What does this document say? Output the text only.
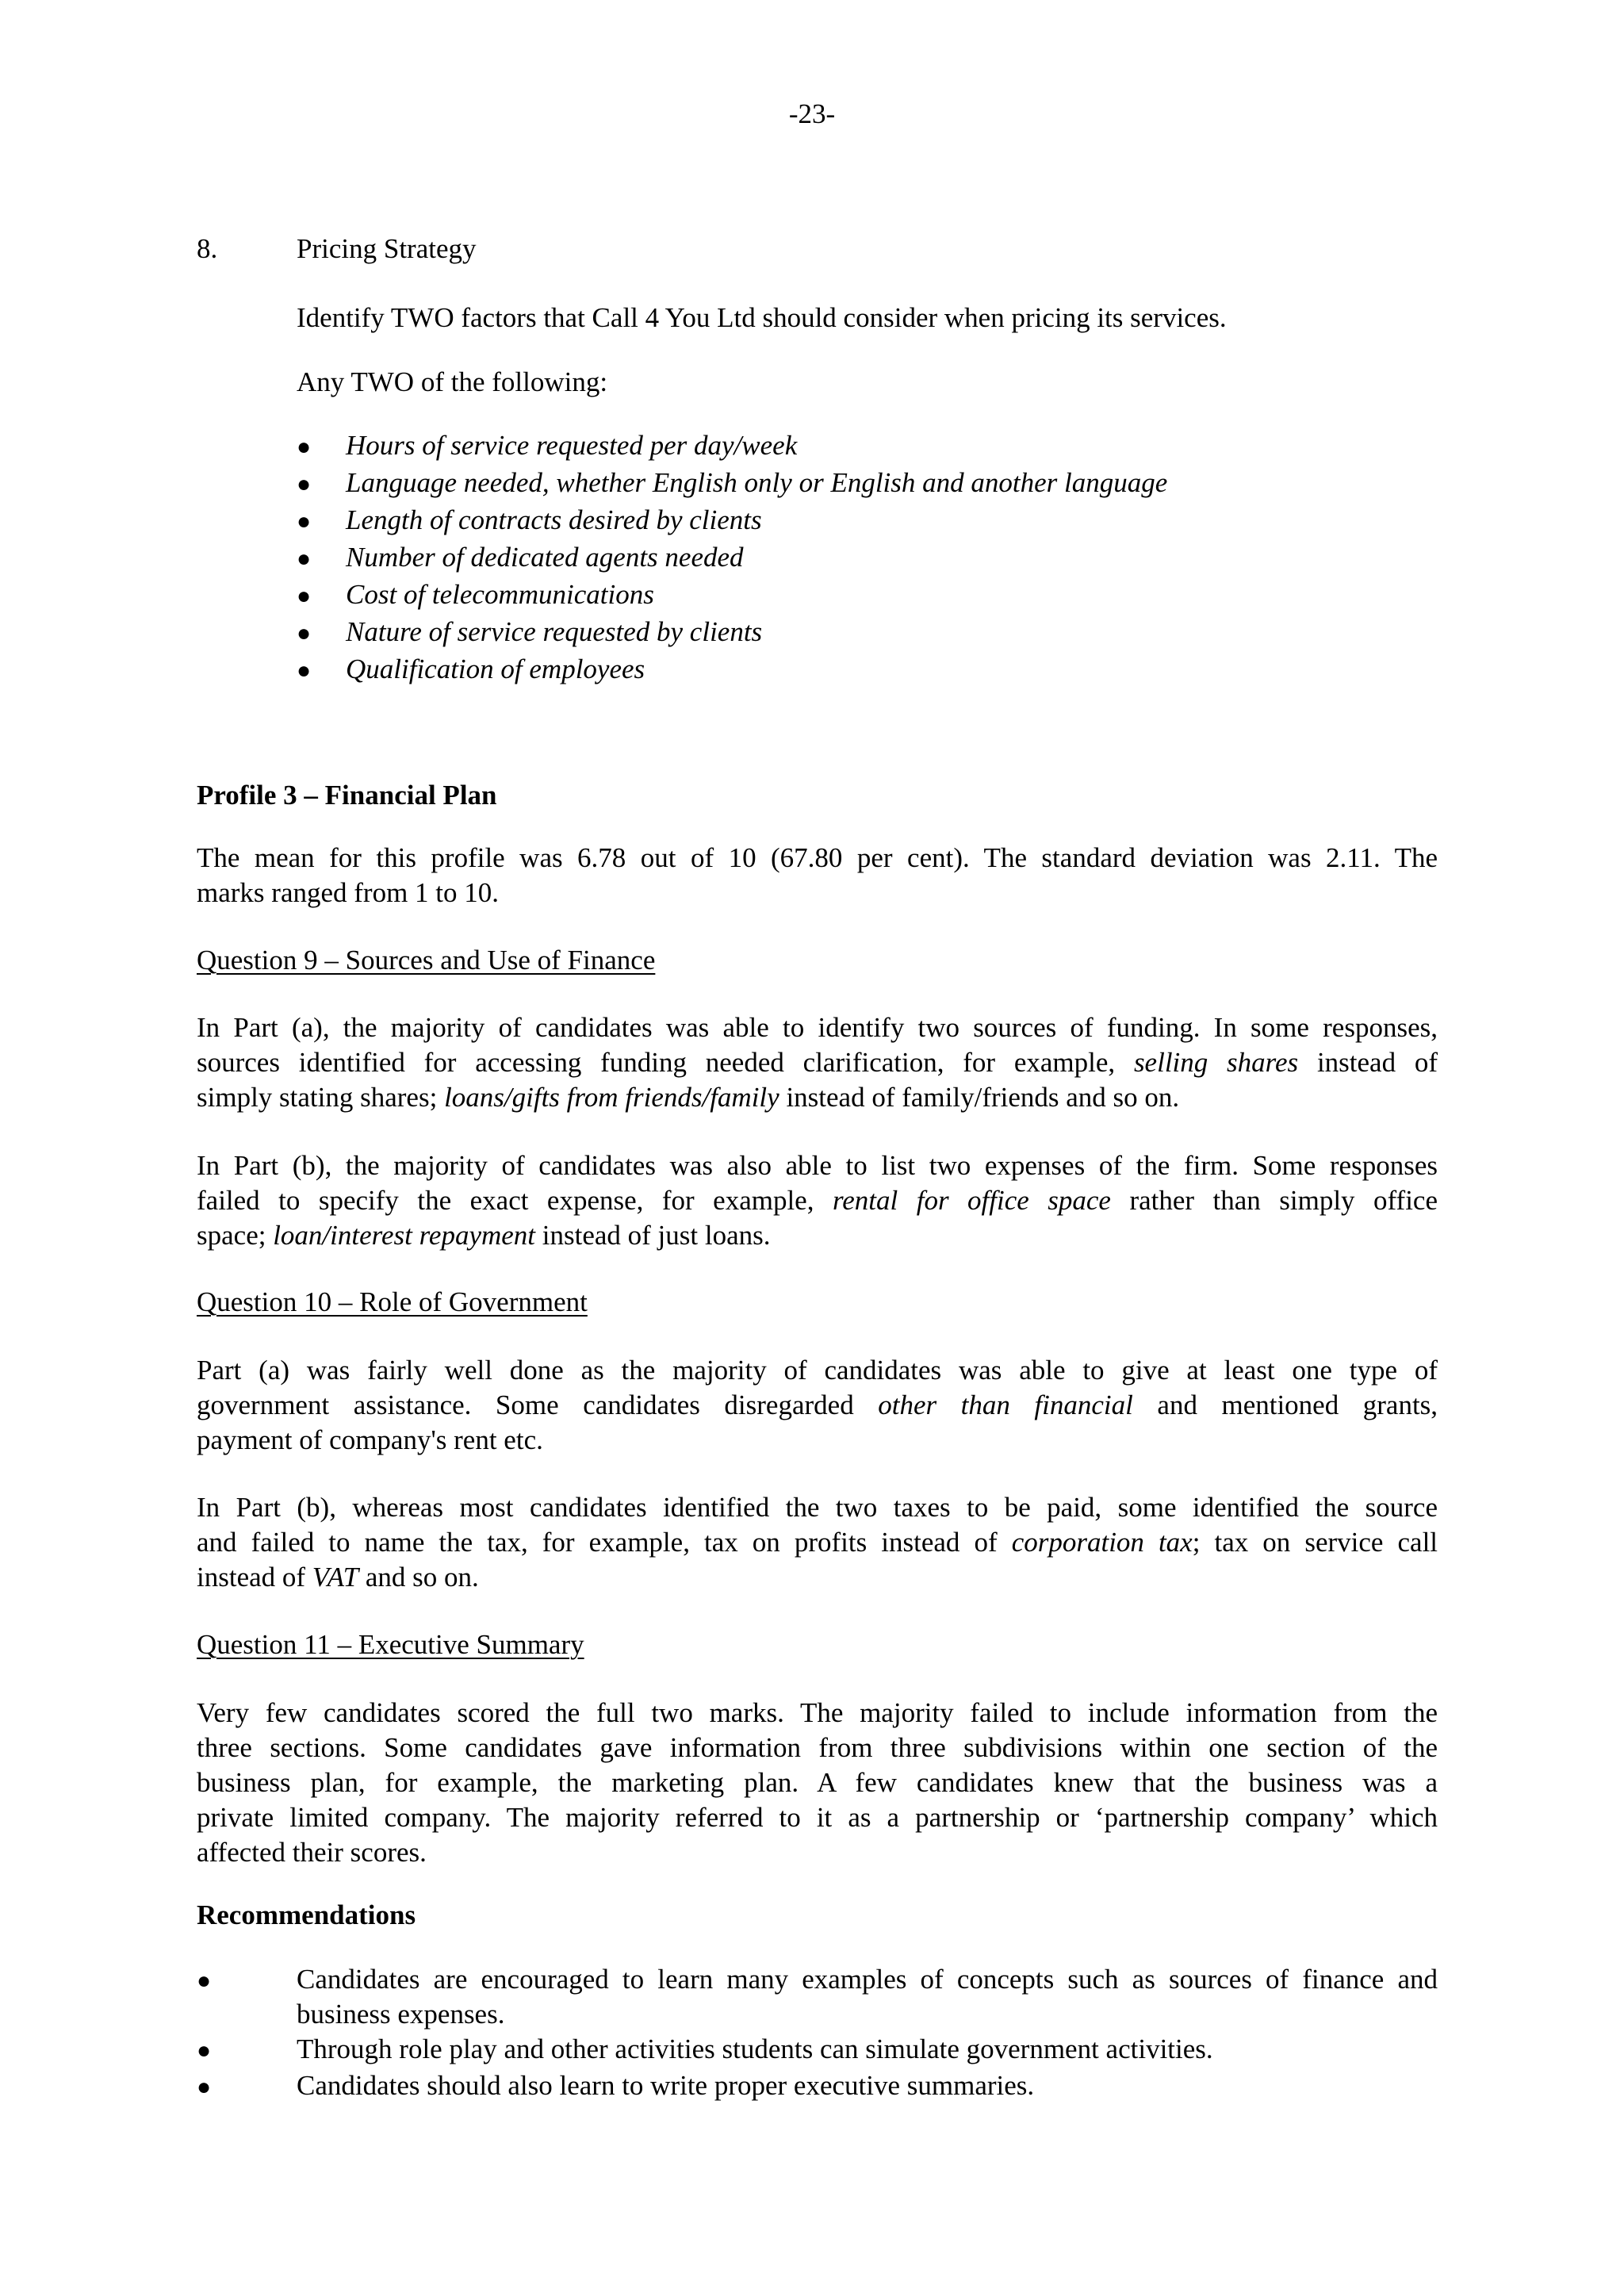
-23-
8.	Pricing Strategy
Identify TWO factors that Call 4 You Ltd should consider when pricing its services.
Any TWO of the following:
● Hours of service requested per day/week
● Language needed, whether English only or English and another language
● Length of contracts desired by clients
● Number of dedicated agents needed
● Cost of telecommunications
● Nature of service requested by clients
● Qualification of employees
Profile 3 – Financial Plan
The mean for this profile was 6.78 out of 10 (67.80 per cent). The standard deviation was 2.11. The
marks ranged from 1 to 10.
Question 9 – Sources and Use of Finance
In Part (a), the majority of candidates was able to identify two sources of funding. In some responses,
sources identified for accessing funding needed clarification, for example, selling shares instead of
simply stating shares; loans/gifts from friends/family instead of family/friends and so on.
In Part (b), the majority of candidates was also able to list two expenses of the firm. Some responses
failed to specify the exact expense, for example, rental for office space rather than simply office
space; loan/interest repayment instead of just loans.
Question 10 – Role of Government
Part (a) was fairly well done as the majority of candidates was able to give at least one type of
government assistance. Some candidates disregarded other than financial and mentioned grants,
payment of company's rent etc.
In Part (b), whereas most candidates identified the two taxes to be paid, some identified the source
and failed to name the tax, for example, tax on profits instead of corporation tax; tax on service call
instead of VAT and so on.
Question 11 – Executive Summary
Very few candidates scored the full two marks. The majority failed to include information from the
three sections. Some candidates gave information from three subdivisions within one section of the
business plan, for example, the marketing plan. A few candidates knew that the business was a
private limited company. The majority referred to it as a partnership or ‘partnership company’ which
affected their scores.
Recommendations
●	Candidates are encouraged to learn many examples of concepts such as sources of finance and
business expenses.
●	Through role play and other activities students can simulate government activities.
●	Candidates should also learn to write proper executive summaries.
